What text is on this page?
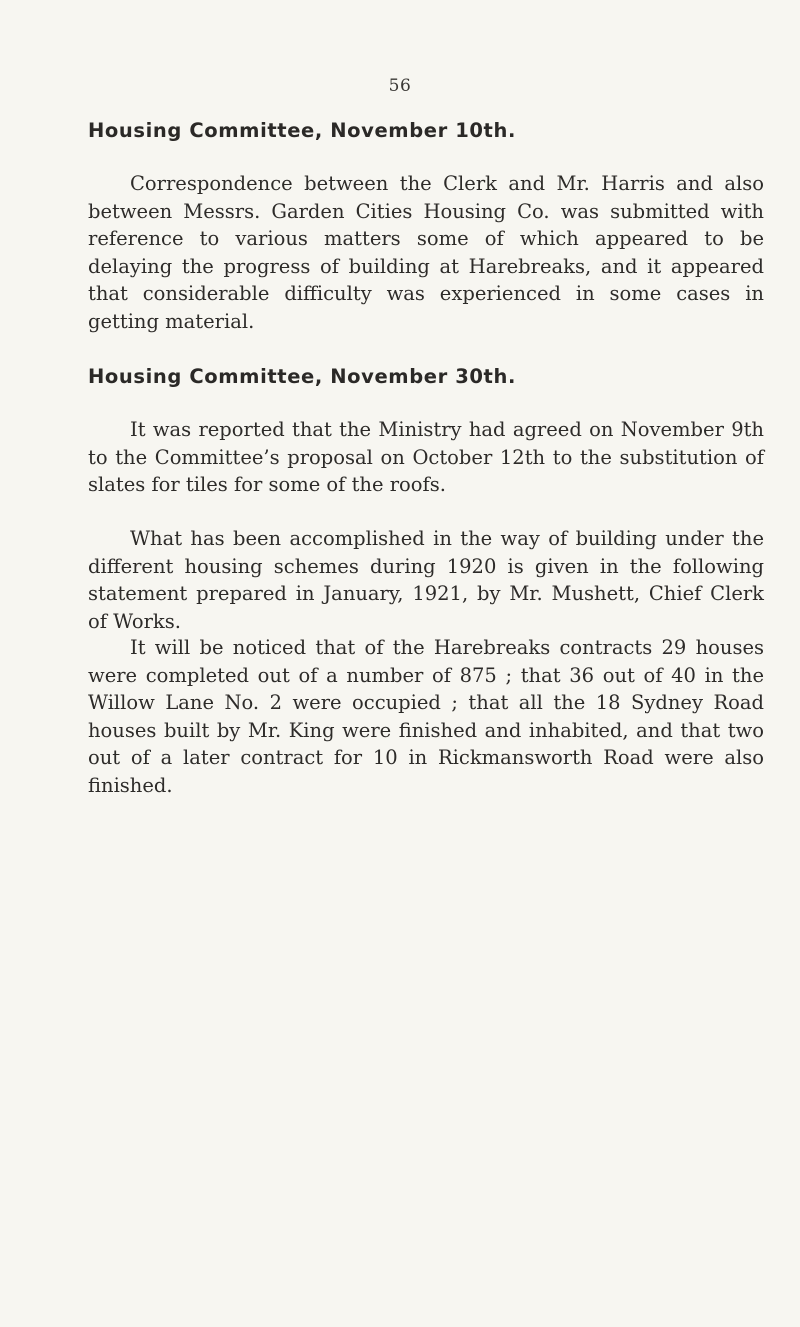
56
Housing Committee, November 10th.
Correspondence between the Clerk and Mr. Harris and also between Messrs. Garden Cities Housing Co. was submitted with reference to various matters some of which appeared to be delaying the progress of building at Harebreaks, and it appeared that considerable difficulty was experienced in some cases in getting material.
Housing Committee, November 30th.
It was reported that the Ministry had agreed on November 9th to the Committee’s proposal on October 12th to the substitution of slates for tiles for some of the roofs.
What has been accomplished in the way of building under the different housing schemes during 1920 is given in the following statement prepared in January, 1921, by Mr. Mushett, Chief Clerk of Works.
It will be noticed that of the Harebreaks contracts 29 houses were completed out of a number of 875 ; that 36 out of 40 in the Willow Lane No. 2 were occupied ; that all the 18 Sydney Road houses built by Mr. King were finished and inhabited, and that two out of a later contract for 10 in Rickmansworth Road were also finished.
